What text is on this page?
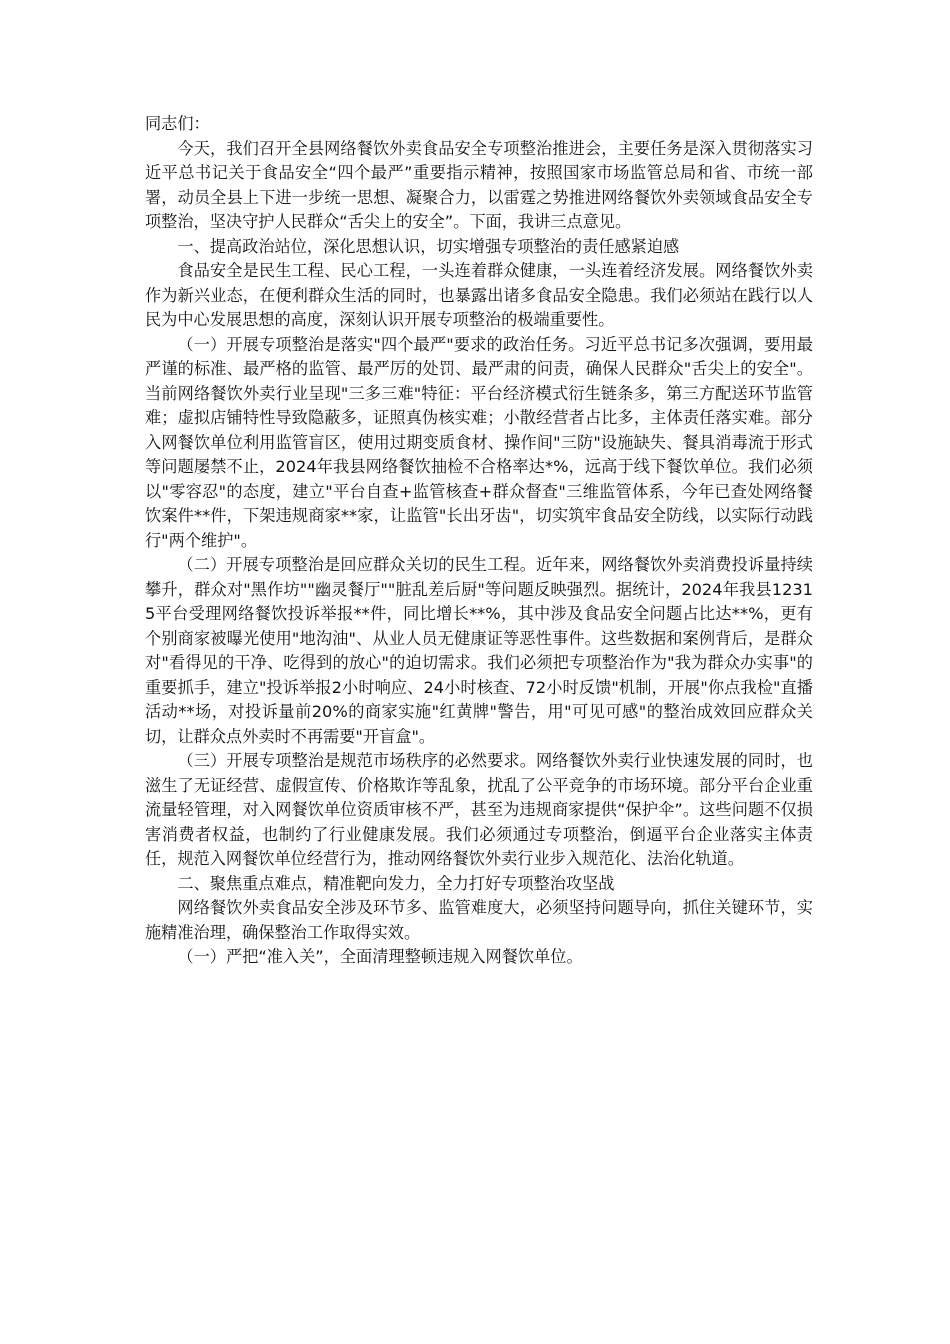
同志们：

今天，我们召开全县网络餐饮外卖食品安全专项整治推进会，主要任务是深入贯彻落实习近平总书记关于食品安全“四个最严”重要指示精神，按照国家市场监管总局和省、市统一部署，动员全县上下进一步统一思想、凝聚合力，以雷霆之势推进网络餐饮外卖领域食品安全专项整治，坚决守护人民群众“舌尖上的安全”。下面，我讲三点意见。

一、提高政治站位，深化思想认识，切实增强专项整治的责任感紧迫感

食品安全是民生工程、民心工程，一头连着群众健康，一头连着经济发展。网络餐饮外卖作为新兴业态，在便利群众生活的同时，也暴露出诸多食品安全隐患。我们必须站在践行以人民为中心发展思想的高度，深刻认识开展专项整治的极端重要性。

（一）开展专项整治是落实"四个最严"要求的政治任务。习近平总书记多次强调，要用最严谨的标准、最严格的监管、最严厉的处罚、最严肃的问责，确保人民群众"舌尖上的安全"。当前网络餐饮外卖行业呈现"三多三难"特征：平台经济模式衍生链条多，第三方配送环节监管难；虚拟店铺特性导致隐蔽多，证照真伪核实难；小散经营者占比多，主体责任落实难。部分入网餐饮单位利用监管盲区，使用过期变质食材、操作间"三防"设施缺失、餐具消毒流于形式等问题屡禁不止，2024年我县网络餐饮抽检不合格率达*%，远高于线下餐饮单位。我们必须以"零容忍"的态度，建立"平台自查+监管核查+群众督查"三维监管体系，今年已查处网络餐饮案件**件，下架违规商家**家，让监管"长出牙齿"，切实筑牢食品安全防线，以实际行动践行"两个维护"。

（二）开展专项整治是回应群众关切的民生工程。近年来，网络餐饮外卖消费投诉量持续攀升，群众对"黑作坊""幽灵餐厅""脏乱差后厨"等问题反映强烈。据统计，2024年我县12315平台受理网络餐饮投诉举报**件，同比增长**%，其中涉及食品安全问题占比达**%，更有个别商家被曝光使用"地沟油"、从业人员无健康证等恶性事件。这些数据和案例背后，是群众对"看得见的干净、吃得到的放心"的迫切需求。我们必须把专项整治作为"我为群众办实事"的重要抓手，建立"投诉举报2小时响应、24小时核查、72小时反馈"机制，开展"你点我检"直播活动**场，对投诉量前20%的商家实施"红黄牌"警告，用"可见可感"的整治成效回应群众关切，让群众点外卖时不再需要"开盲盒"。

（三）开展专项整治是规范市场秩序的必然要求。网络餐饮外卖行业快速发展的同时，也滋生了无证经营、虚假宣传、价格欺诈等乱象，扰乱了公平竞争的市场环境。部分平台企业重流量轻管理，对入网餐饮单位资质审核不严，甚至为违规商家提供“保护伞”。这些问题不仅损害消费者权益，也制约了行业健康发展。我们必须通过专项整治，倒逼平台企业落实主体责任，规范入网餐饮单位经营行为，推动网络餐饮外卖行业步入规范化、法治化轨道。

二、聚焦重点难点，精准靶向发力，全力打好专项整治攻坚战

网络餐饮外卖食品安全涉及环节多、监管难度大，必须坚持问题导向，抓住关键环节，实施精准治理，确保整治工作取得实效。

（一）严把“准入关”，全面清理整顿违规入网餐饮单位。
